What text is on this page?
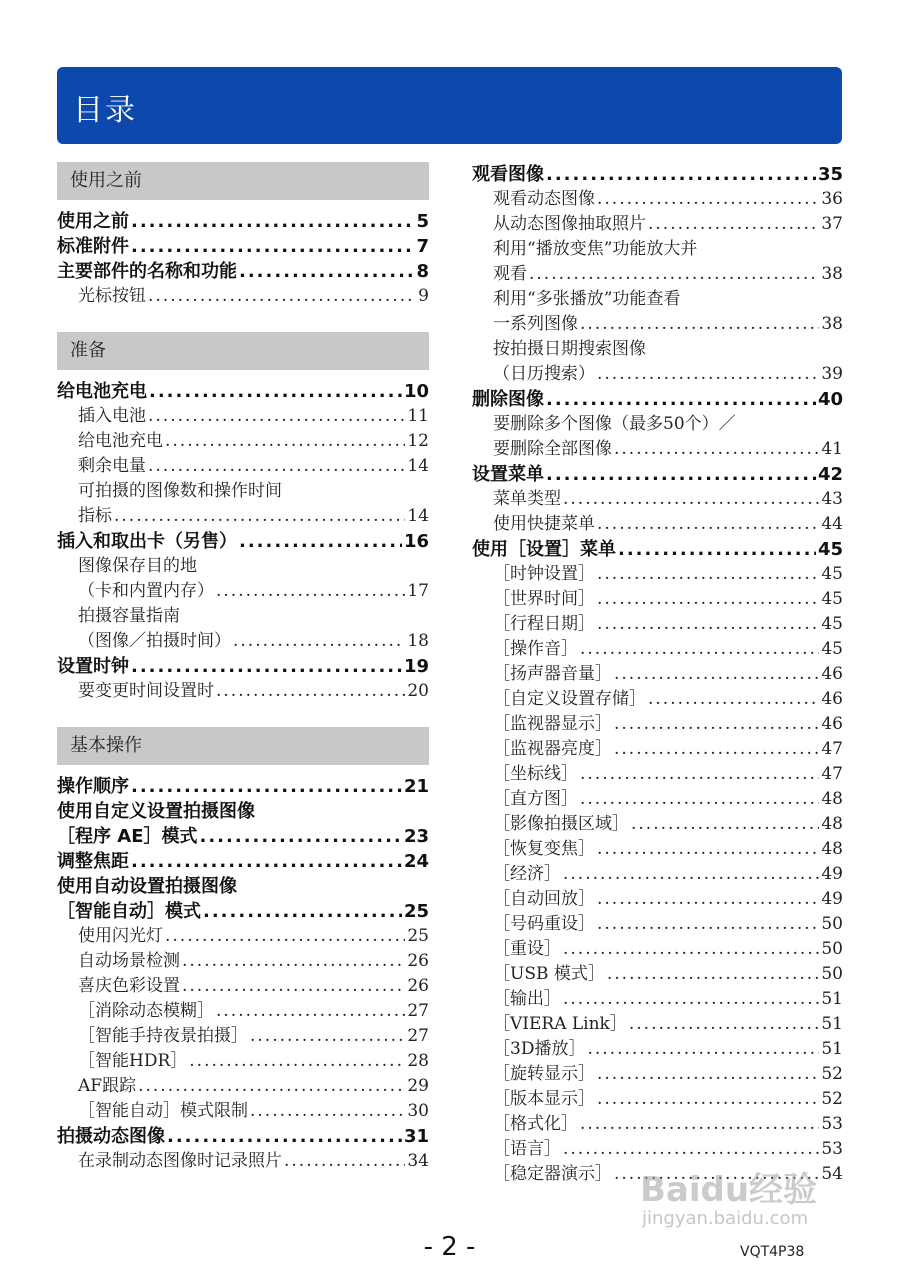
目录
使用之前
使用之前 .....	5
标准附件 .....	7
主要部件的名称和功能 .....	8
光标按钮 .....	9
准备
给电池充电 .....	10
插入电池 .....	11
给电池充电 .....	12
剩余电量 .....	14
可拍摄的图像数和操作时间
指标 .....	14
插入和取出卡（另售） .....	16
图像保存目的地
（卡和内置内存） .....	17
拍摄容量指南
（图像／拍摄时间） .....	18
设置时钟 .....	19
要变更时间设置时 .....	20
基本操作
操作顺序 .....	21
使用自定义设置拍摄图像
［程序 AE］模式 .....	23
调整焦距 .....	24
使用自动设置拍摄图像
［智能自动］模式 .....	25
使用闪光灯 .....	25
自动场景检测 .....	26
喜庆色彩设置 .....	26
［消除动态模糊］ .....	27
［智能手持夜景拍摄］ .....	27
［智能HDR］ .....	28
AF跟踪 .....	29
［智能自动］模式限制 .....	30
拍摄动态图像 .....	31
在录制动态图像时记录照片 .....	34
观看图像 .....	35
观看动态图像 .....	36
从动态图像抽取照片 .....	37
利用“播放变焦”功能放大并
观看 .....	38
利用“多张播放”功能查看
一系列图像 .....	38
按拍摄日期搜索图像
（日历搜索） .....	39
删除图像 .....	40
要删除多个图像（最多50个）／
要删除全部图像 .....	41
设置菜单 .....	42
菜单类型 .....	43
使用快捷菜单 .....	44
使用［设置］菜单 .....	45
［时钟设置］ .....	45
［世界时间］ .....	45
［行程日期］ .....	45
［操作音］ .....	45
［扬声器音量］ .....	46
［自定义设置存储］ .....	46
［监视器显示］ .....	46
［监视器亮度］ .....	47
［坐标线］ .....	47
［直方图］ .....	48
［影像拍摄区域］ .....	48
［恢复变焦］ .....	48
［经济］ .....	49
［自动回放］ .....	49
［号码重设］ .....	50
［重设］ .....	50
［USB 模式］ .....	50
［输出］ .....	51
［VIERA Link］ .....	51
［3D播放］ .....	51
［旋转显示］ .....	52
［版本显示］ .....	52
［格式化］ .....	53
［语言］ .....	53
［稳定器演示］ .....	54
- 2 -	VQT4P38
Baidu经验
jingyan.baidu.com
